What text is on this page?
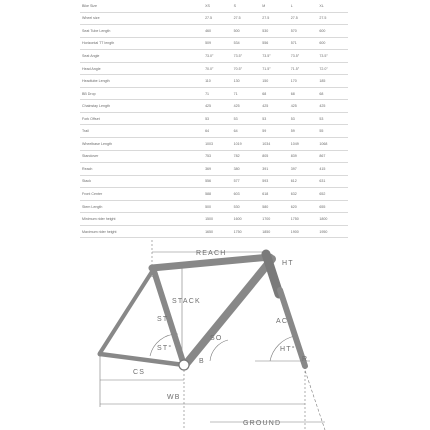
Bike Size	XS	S	M	L	XL
Wheel size	27.5	27.5	27.5	27.5	27.5
Seat Tube Length	460	500	530	570	600
Horizontal TT length	509	534	556	571	600
Seat Angle	73.0°	73.5°	73.5°	73.5°	73.5°
Head Angle	70.0°	70.5°	71.5°	71.5°	72.0°
Headtube Length	110	130	150	170	185
BB Drop	71	71	68	68	68
Chainstay Length	425	425	425	425	425
Fork Offset	53	53	53	53	53
Trail	64	64	59	59	55
Wheelbase Length	1003	1019	1034	1049	1068
Standover	753	782	805	839	867
Reach	369	380	391	397	415
Stack	556	577	593	612	631
Front Center	588	603	618	632	652
Stem Length	500	530	580	620	655
Minimum rider height	1500	1600	1700	1750	1800
Maximum rider height	1650	1750	1850	1900	1950
REACH
HT
STACK
ST
SO
AC
ST°	HT°
B	R
CS
WB
GROUND
